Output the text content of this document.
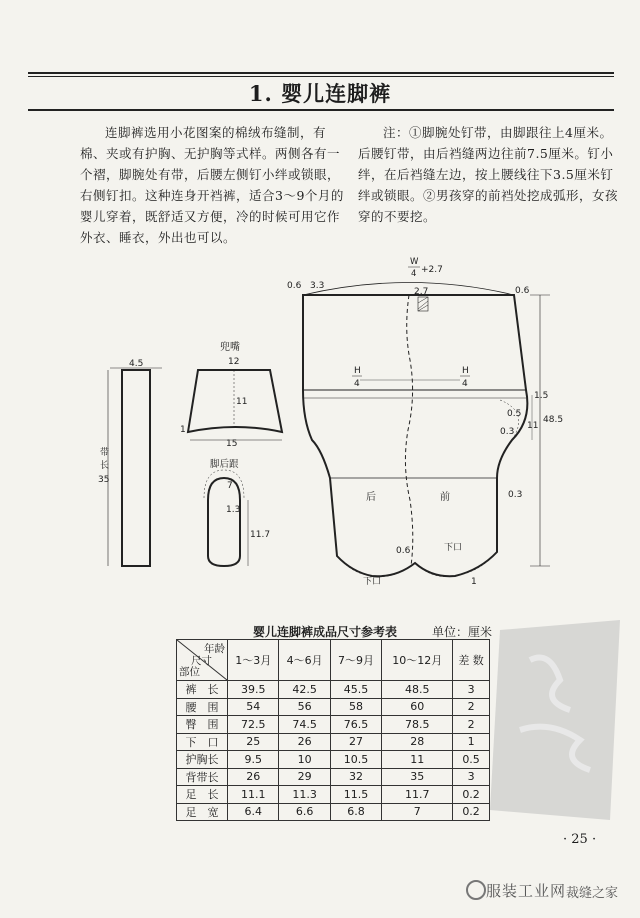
1. 婴儿连脚裤

连脚裤选用小花图案的棉绒布缝制，有棉、夹或有护胸、无护胸等式样。两侧各有一个褶，脚腕处有带，后腰左侧钉小绊或锁眼，右侧钉扣。这种连身开裆裤，适合3～9个月的婴儿穿着，既舒适又方便，冷的时候可用它作外衣、睡衣，外出也可以。

注：①脚腕处钉带，由脚跟往上4厘米。后腰钉带，由后裆缝两边往前7.5厘米。钉小绊，在后裆缝左边，按上腰线往下3.5厘米钉绊或锁眼。②男孩穿的前裆处挖成弧形，女孩穿的不要挖。

4.5
带
长
35
兜嘴
12
11
15
1
脚后跟
7
1.3
11.7
W
4 +2.7
0.6 3.3
2.7	0.6
H
4
H
4
1.5
0.5
0.3
11
48.5
后	前	0.3
0.6
下口
下口
1
婴儿连脚裤成品尺寸参考表	单位：厘米
年龄
尺寸
部位	1～3月	4～6月	7～9月	10～12月	差 数
裤　长	39.5	42.5	45.5	48.5	3
腰　围	54	56	58	60	2
臀　围	72.5	74.5	76.5	78.5	2
下　口	25	26	27	28	1
护胸长	9.5	10	10.5	11	0.5
背带长	26	29	32	35	3
足　长	11.1	11.3	11.5	11.7	0.2
足　宽	6.4	6.6	6.8	7	0.2
· 25 ·
服装工业网 裁缝之家
